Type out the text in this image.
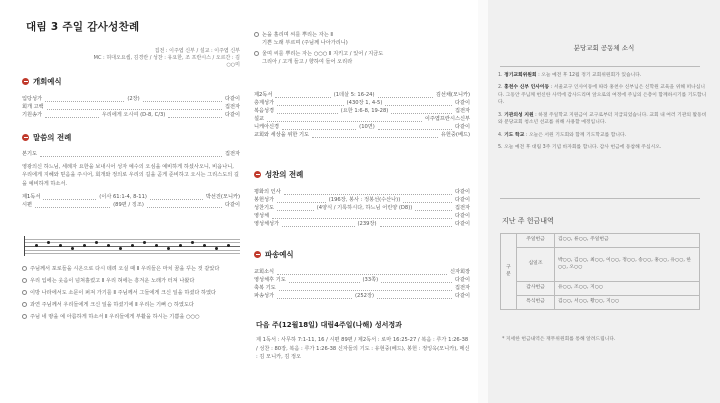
대림 3 주일 감사성찬례
집전 : 이주엽 신부 / 설교 : 이주엽 신부
MC : 허대오요셉, 김경란 / 성찬 : 유요한, 조 프란시스 / 오르간 : 김 ○○미
개회예식
입당성가	(2장)	다같이
회개 고백	집전자
기원송가	우리에게 오시여 (D-8, C/3)	다같이
말씀의 전례
본기도	집전자
영광의신 하느님, 세례자 요한을 보내시어 성자 예수의 오심을 예비하게 하셨사오니, 비옵나니, 우리에게 지혜와 믿음을 주시어, 회개와 정의로 우리의 길을 곧게 준비하고 오시는 그리스도의 길을 예비하게 하소서.
제1독서	(이사 61:1-4, 8-11)	박선진(모니카)
시편	(89편 / 징조)	다같이
주님께서 포로들을 시온으로 다시 데려 오실 때 Ⅱ 우리들은 마치 꿈을 꾸는 것 같았다
우리 입에는 웃음이 넘쳐흘렀고 Ⅱ 우리 혀에는 흥겨운 노래가 터져 나왔다
이방 나라에서도 소문이 퍼져 가기를 Ⅱ 주님께서 그들에게 크신 일을 하셨다 하였다
과연 주님께서 우리들에게 크신 일을 하셨기에 Ⅱ 우리는 기뻐 ○ 하였도다
주님 네 땅을 예 아름하게 하소서 Ⅱ 우리들에게 부활을 하시는 기쁨을 ○○○
논을 흘리며 씨를 뿌리는 자는 Ⅱ
기쁜 노래 부르며 (주님께 나아가리니)
울며 씨를 뿌리는 자는 ○○○ Ⅱ 지키고 / 있어 / 지금도
그리아 / 고개 들고 / 향하여 들어 오리라
제2독서	(1데살 5: 16-24)	김선채(모니카)
층계성가	(430장 1, 4-5)	다같이
복음성경	(요한 1:6-8, 19-28)	집전자
설교	이주엽프란시스신부
니케아신경	(10면)	다같이
교회와 세상을 위한 기도	유헌중(베드)
성찬의 전례
평화의 인사	다같이
봉헌성가	(196장, 봉사 : 정봉선(수산나))	다같이
성찬기도	(4양식 / 기록하시다, 하느님 어린양 (D8))	집전자
영성체	다같이
영성체성가	(239장)	다같이
파송예식
교회소식	신자회장
영성체후 기도	(33쪽)	다같이
축복 기도	집전자
파송성가	(252장)	다같이
다음 주(12월18일) 대림4주일(나해) 성서정과
제 1독서 : 사무하 7:1-11, 16 / 시편 89편 / 제2독서 : 로마 16:25-27 / 복음 : 루가 1:26-38 / 성찬 : 80장, 복음 : 루가 1:26-38 신자들의 기도 : 유현중(베드), 봉헌 : 정잉옥(모니카), 메신 : 김 모니카, 김 정오
분당교회 공동체 소식
1. 정기교회위원회 : 오늘 예전 후 12월 정기 교회위원회가 있습니다.
2. 홍천수 신부 인사이동 : 서울교구 인사이동에 따라 홍천수 신부님은 신학원 교육을 위해 떠나십니다. 그동안 주님께 헌신한 사역에 감사드리며 앞으로의 여정에 주님의 은총이 함께하시기를 기도합니다.
3. 기관의성 지원 : 하절 주일학교 지원금이 교구로부터 지급되었습니다. 교회 내 여러 기관의 활동비와 분당교회 청소년 선교를 위해 사용할 예정입니다.
4. 기도 학교 : 오늘은 서원 기도회와 함께 기도학교를 합니다.
5. 오늘 예전 후 대림 3주 기념 바자회를 합니다. 감사 헌금에 동참해 주십시오.
지난 주 헌금내역
구분	주일헌금	김○○, 류○○, 주일헌금
	십일조	박○○, 김○○, 최○○, 이○○, 정○○, 송○○, 홍○○, 유○○, 한○○, 오○○
	감사헌금	유○○, 조○○, 지○○
	특식헌금	김○○, 서○○, 황○○, 지○○
* 지세한 헌금내역은 재무위원회를 통해 알려드립니다.
